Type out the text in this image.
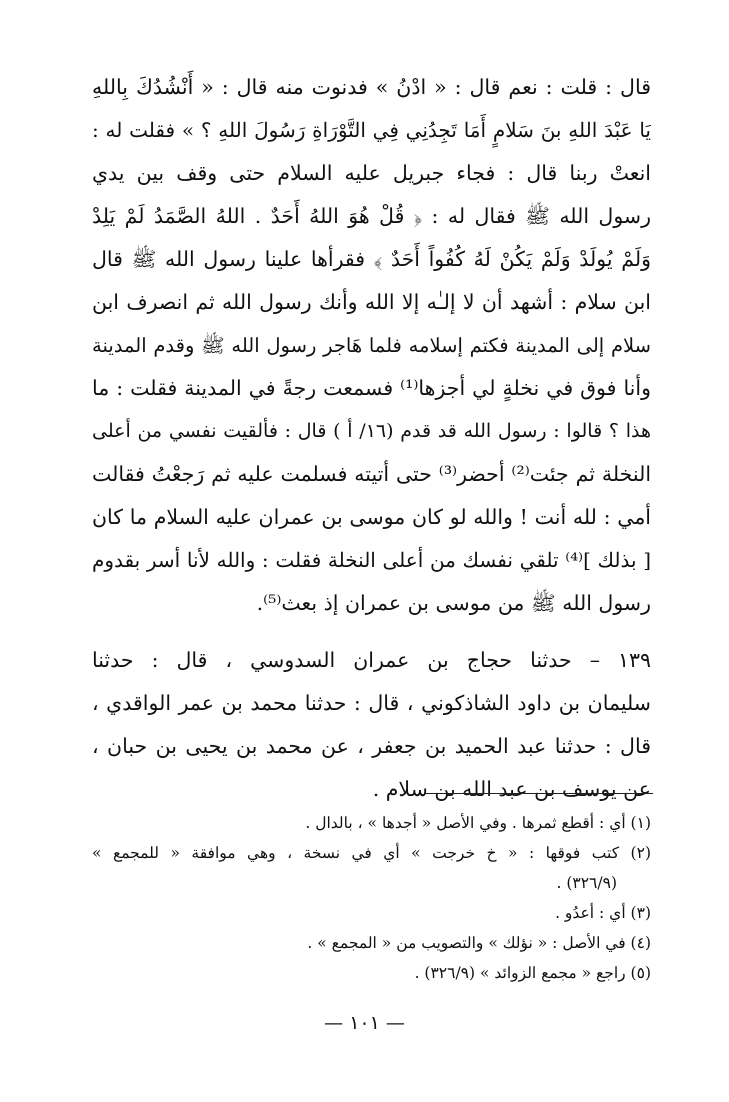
قال : قلت : نعم قال : « ادْنُ » فدنوت منه قال : « أَنْشُدُكَ بِاللهِ
يَا عَبْدَ اللهِ بنَ سَلامٍ أَمَا تَجِدُنِي فِي التَّوْرَاةِ رَسُولَ اللهِ ؟ » فقلت له :
انعتْ ربنا قال : فجاء جبريل عليه السلام حتى وقف بين يدي
رسول الله ﷺ فقال له : ﴿ قُلْ هُوَ اللهُ أَحَدٌ . اللهُ الصَّمَدُ لَمْ يَلِدْ
وَلَمْ يُولَدْ وَلَمْ يَكُنْ لَهُ كُفُواً أَحَدٌ ﴾ فقرأها علينا رسول الله ﷺ قال
ابن سلام : أشهد أن لا إلـٰه إلا الله وأنك رسول الله ثم انصرف ابن
سلام إلى المدينة فكتم إسلامه فلما هَاجر رسول الله ﷺ وقدم المدينة
وأنا فوق في نخلةٍ لي أجزها⁽¹⁾ فسمعت رجةً في المدينة فقلت : ما
هذا ؟ قالوا : رسول الله قد قدم (١٦/ أ ) قال : فألقيت نفسي من أعلى
النخلة ثم جئت⁽²⁾ أحضر⁽³⁾ حتى أتيته فسلمت عليه ثم رَجعْتُ فقالت
أمي : لله أنت ! والله لو كان موسى بن عمران عليه السلام ما كان
[ بذلك ]⁽⁴⁾ تلقي نفسك من أعلى النخلة فقلت : والله لأنا أسر بقدوم
رسول الله ﷺ من موسى بن عمران إذ بعث⁽⁵⁾.
١٣٩ – حدثنا حجاج بن عمران السدوسي ، قال : حدثنا
سليمان بن داود الشاذكوني ، قال : حدثنا محمد بن عمر الواقدي ،
قال : حدثنا عبد الحميد بن جعفر ، عن محمد بن يحيى بن حبان ،
عن يوسف بن عبد الله بن سلام .
(١) أي : أقطع ثمرها . وفي الأصل « أجدها » ، بالدال .
(٢) كتب فوقها : « خ خرجت » أي في نسخة ، وهي موافقة « للمجمع »
(٣٢٦/٩) .
(٣) أي : أعدُو .
(٤) في الأصل : « نؤلك » والتصويب من « المجمع » .
(٥) راجع « مجمع الزوائد » (٣٢٦/٩) .
— ١٠١ —
